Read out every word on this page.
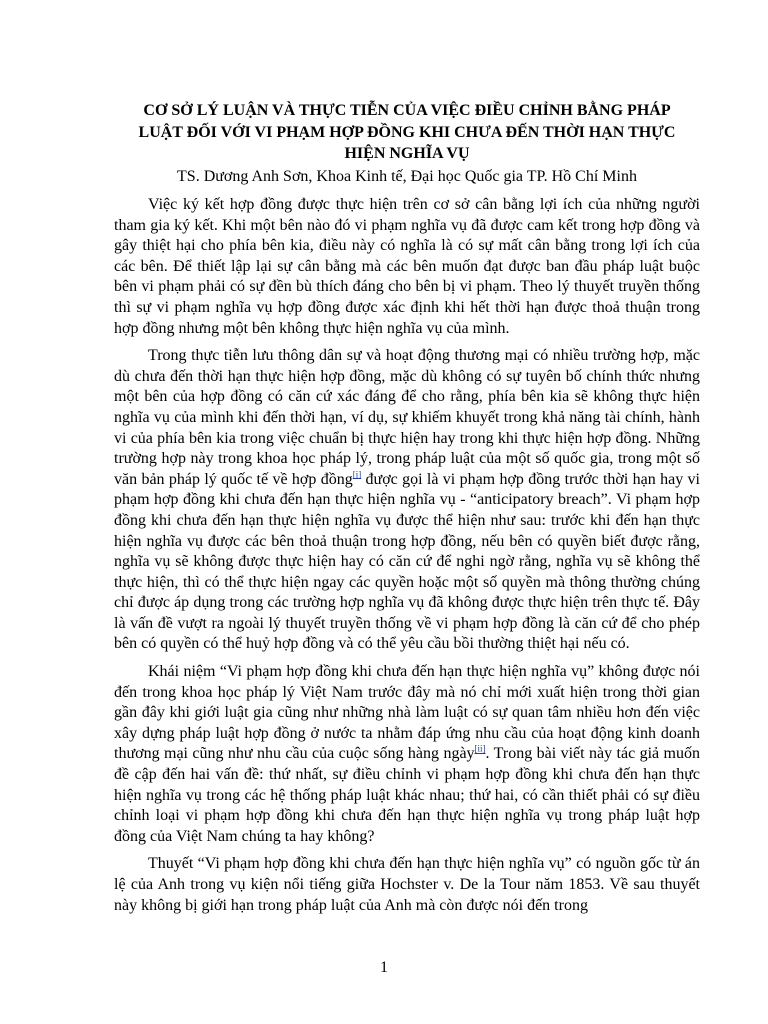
CƠ SỞ LÝ LUẬN VÀ THỰC TIỄN CỦA VIỆC ĐIỀU CHỈNH BẰNG PHÁP
LUẬT ĐỐI VỚI VI PHẠM HỢP ĐỒNG KHI CHƯA ĐẾN THỜI HẠN THỰC
HIỆN NGHĨA VỤ

TS. Dương Anh Sơn, Khoa Kinh tế, Đại học Quốc gia TP. Hồ Chí Minh

Việc ký kết hợp đồng được thực hiện trên cơ sở cân bằng lợi ích của những người tham gia ký kết. Khi một bên nào đó vi phạm nghĩa vụ đã được cam kết trong hợp đồng và gây thiệt hại cho phía bên kia, điều này có nghĩa là có sự mất cân bằng trong lợi ích của các bên. Để thiết lập lại sự cân bằng mà các bên muốn đạt được ban đầu pháp luật buộc bên vi phạm phải có sự đền bù thích đáng cho bên bị vi phạm. Theo lý thuyết truyền thống thì sự vi phạm nghĩa vụ hợp đồng được xác định khi hết thời hạn được thoả thuận trong hợp đồng nhưng một bên không thực hiện nghĩa vụ của mình.

Trong thực tiễn lưu thông dân sự và hoạt động thương mại có nhiều trường hợp, mặc dù chưa đến thời hạn thực hiện hợp đồng, mặc dù không có sự tuyên bố chính thức nhưng một bên của hợp đồng có căn cứ xác đáng để cho rằng, phía bên kia sẽ không thực hiện nghĩa vụ của mình khi đến thời hạn, ví dụ, sự khiếm khuyết trong khả năng tài chính, hành vi của phía bên kia trong việc chuẩn bị thực hiện hay trong khi thực hiện hợp đồng. Những trường hợp này trong khoa học pháp lý, trong pháp luật của một số quốc gia, trong một số văn bản pháp lý quốc tế về hợp đồng[i] được gọi là vi phạm hợp đồng trước thời hạn hay vi phạm hợp đồng khi chưa đến hạn thực hiện nghĩa vụ - “anticipatory breach”. Vi phạm hợp đồng khi chưa đến hạn thực hiện nghĩa vụ được thể hiện như sau: trước khi đến hạn thực hiện nghĩa vụ được các bên thoả thuận trong hợp đồng, nếu bên có quyền biết được rằng, nghĩa vụ sẽ không được thực hiện hay có căn cứ để nghi ngờ rằng, nghĩa vụ sẽ không thể thực hiện, thì có thể thực hiện ngay các quyền hoặc một số quyền mà thông thường chúng chỉ được áp dụng trong các trường hợp nghĩa vụ đã không được thực hiện trên thực tế. Đây là vấn đề vượt ra ngoài lý thuyết truyền thống về vi phạm hợp đồng là căn cứ để cho phép bên có quyền có thể huỷ hợp đồng và có thể yêu cầu bồi thường thiệt hại nếu có.

Khái niệm “Vi phạm hợp đồng khi chưa đến hạn thực hiện nghĩa vụ” không được nói đến trong khoa học pháp lý Việt Nam trước đây mà nó chỉ mới xuất hiện trong thời gian gần đây khi giới luật gia cũng như những nhà làm luật có sự quan tâm nhiều hơn đến việc xây dựng pháp luật hợp đồng ở nước ta nhằm đáp ứng nhu cầu của hoạt động kinh doanh thương mại cũng như nhu cầu của cuộc sống hàng ngày[ii]. Trong bài viết này tác giả muốn đề cập đến hai vấn đề: thứ nhất, sự điều chỉnh vi phạm hợp đồng khi chưa đến hạn thực hiện nghĩa vụ trong các hệ thống pháp luật khác nhau; thứ hai, có cần thiết phải có sự điều chỉnh loại vi phạm hợp đồng khi chưa đến hạn thực hiện nghĩa vụ trong pháp luật hợp đồng của Việt Nam chúng ta hay không?

Thuyết “Vi phạm hợp đồng khi chưa đến hạn thực hiện nghĩa vụ” có nguồn gốc từ án lệ của Anh trong vụ kiện nổi tiếng giữa Hochster v. De la Tour năm 1853. Về sau thuyết này không bị giới hạn trong pháp luật của Anh mà còn được nói đến trong

1
